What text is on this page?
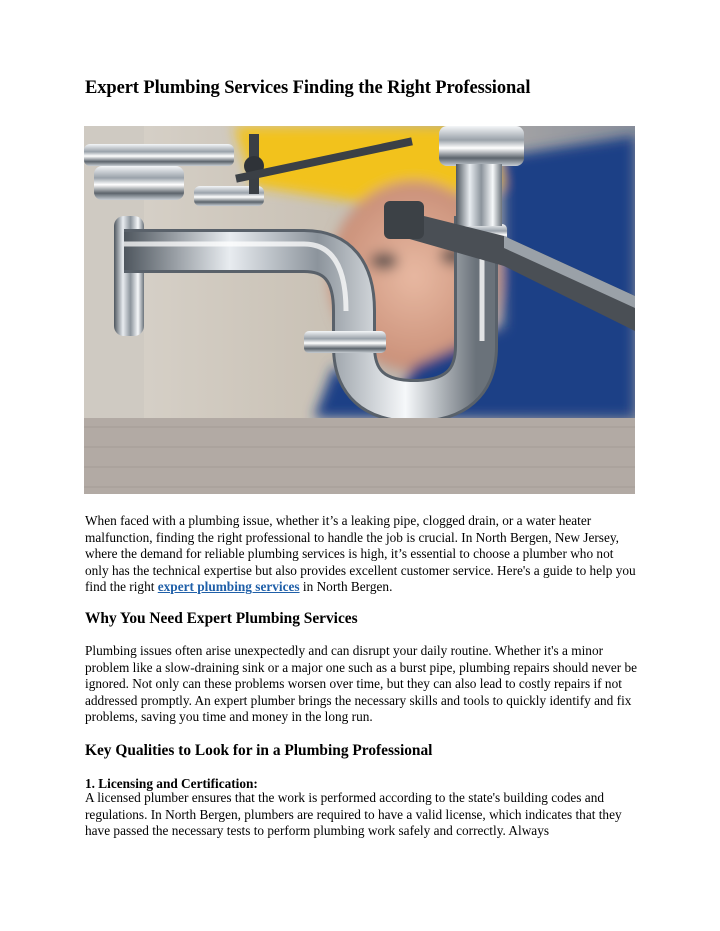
Expert Plumbing Services Finding the Right Professional

When faced with a plumbing issue, whether it’s a leaking pipe, clogged drain, or a water heater malfunction, finding the right professional to handle the job is crucial. In North Bergen, New Jersey, where the demand for reliable plumbing services is high, it’s essential to choose a plumber who not only has the technical expertise but also provides excellent customer service. Here's a guide to help you find the right expert plumbing services in North Bergen.

Why You Need Expert Plumbing Services

Plumbing issues often arise unexpectedly and can disrupt your daily routine. Whether it's a minor problem like a slow-draining sink or a major one such as a burst pipe, plumbing repairs should never be ignored. Not only can these problems worsen over time, but they can also lead to costly repairs if not addressed promptly. An expert plumber brings the necessary skills and tools to quickly identify and fix problems, saving you time and money in the long run.

Key Qualities to Look for in a Plumbing Professional

1. Licensing and Certification:

A licensed plumber ensures that the work is performed according to the state's building codes and regulations. In North Bergen, plumbers are required to have a valid license, which indicates that they have passed the necessary tests to perform plumbing work safely and correctly. Always
